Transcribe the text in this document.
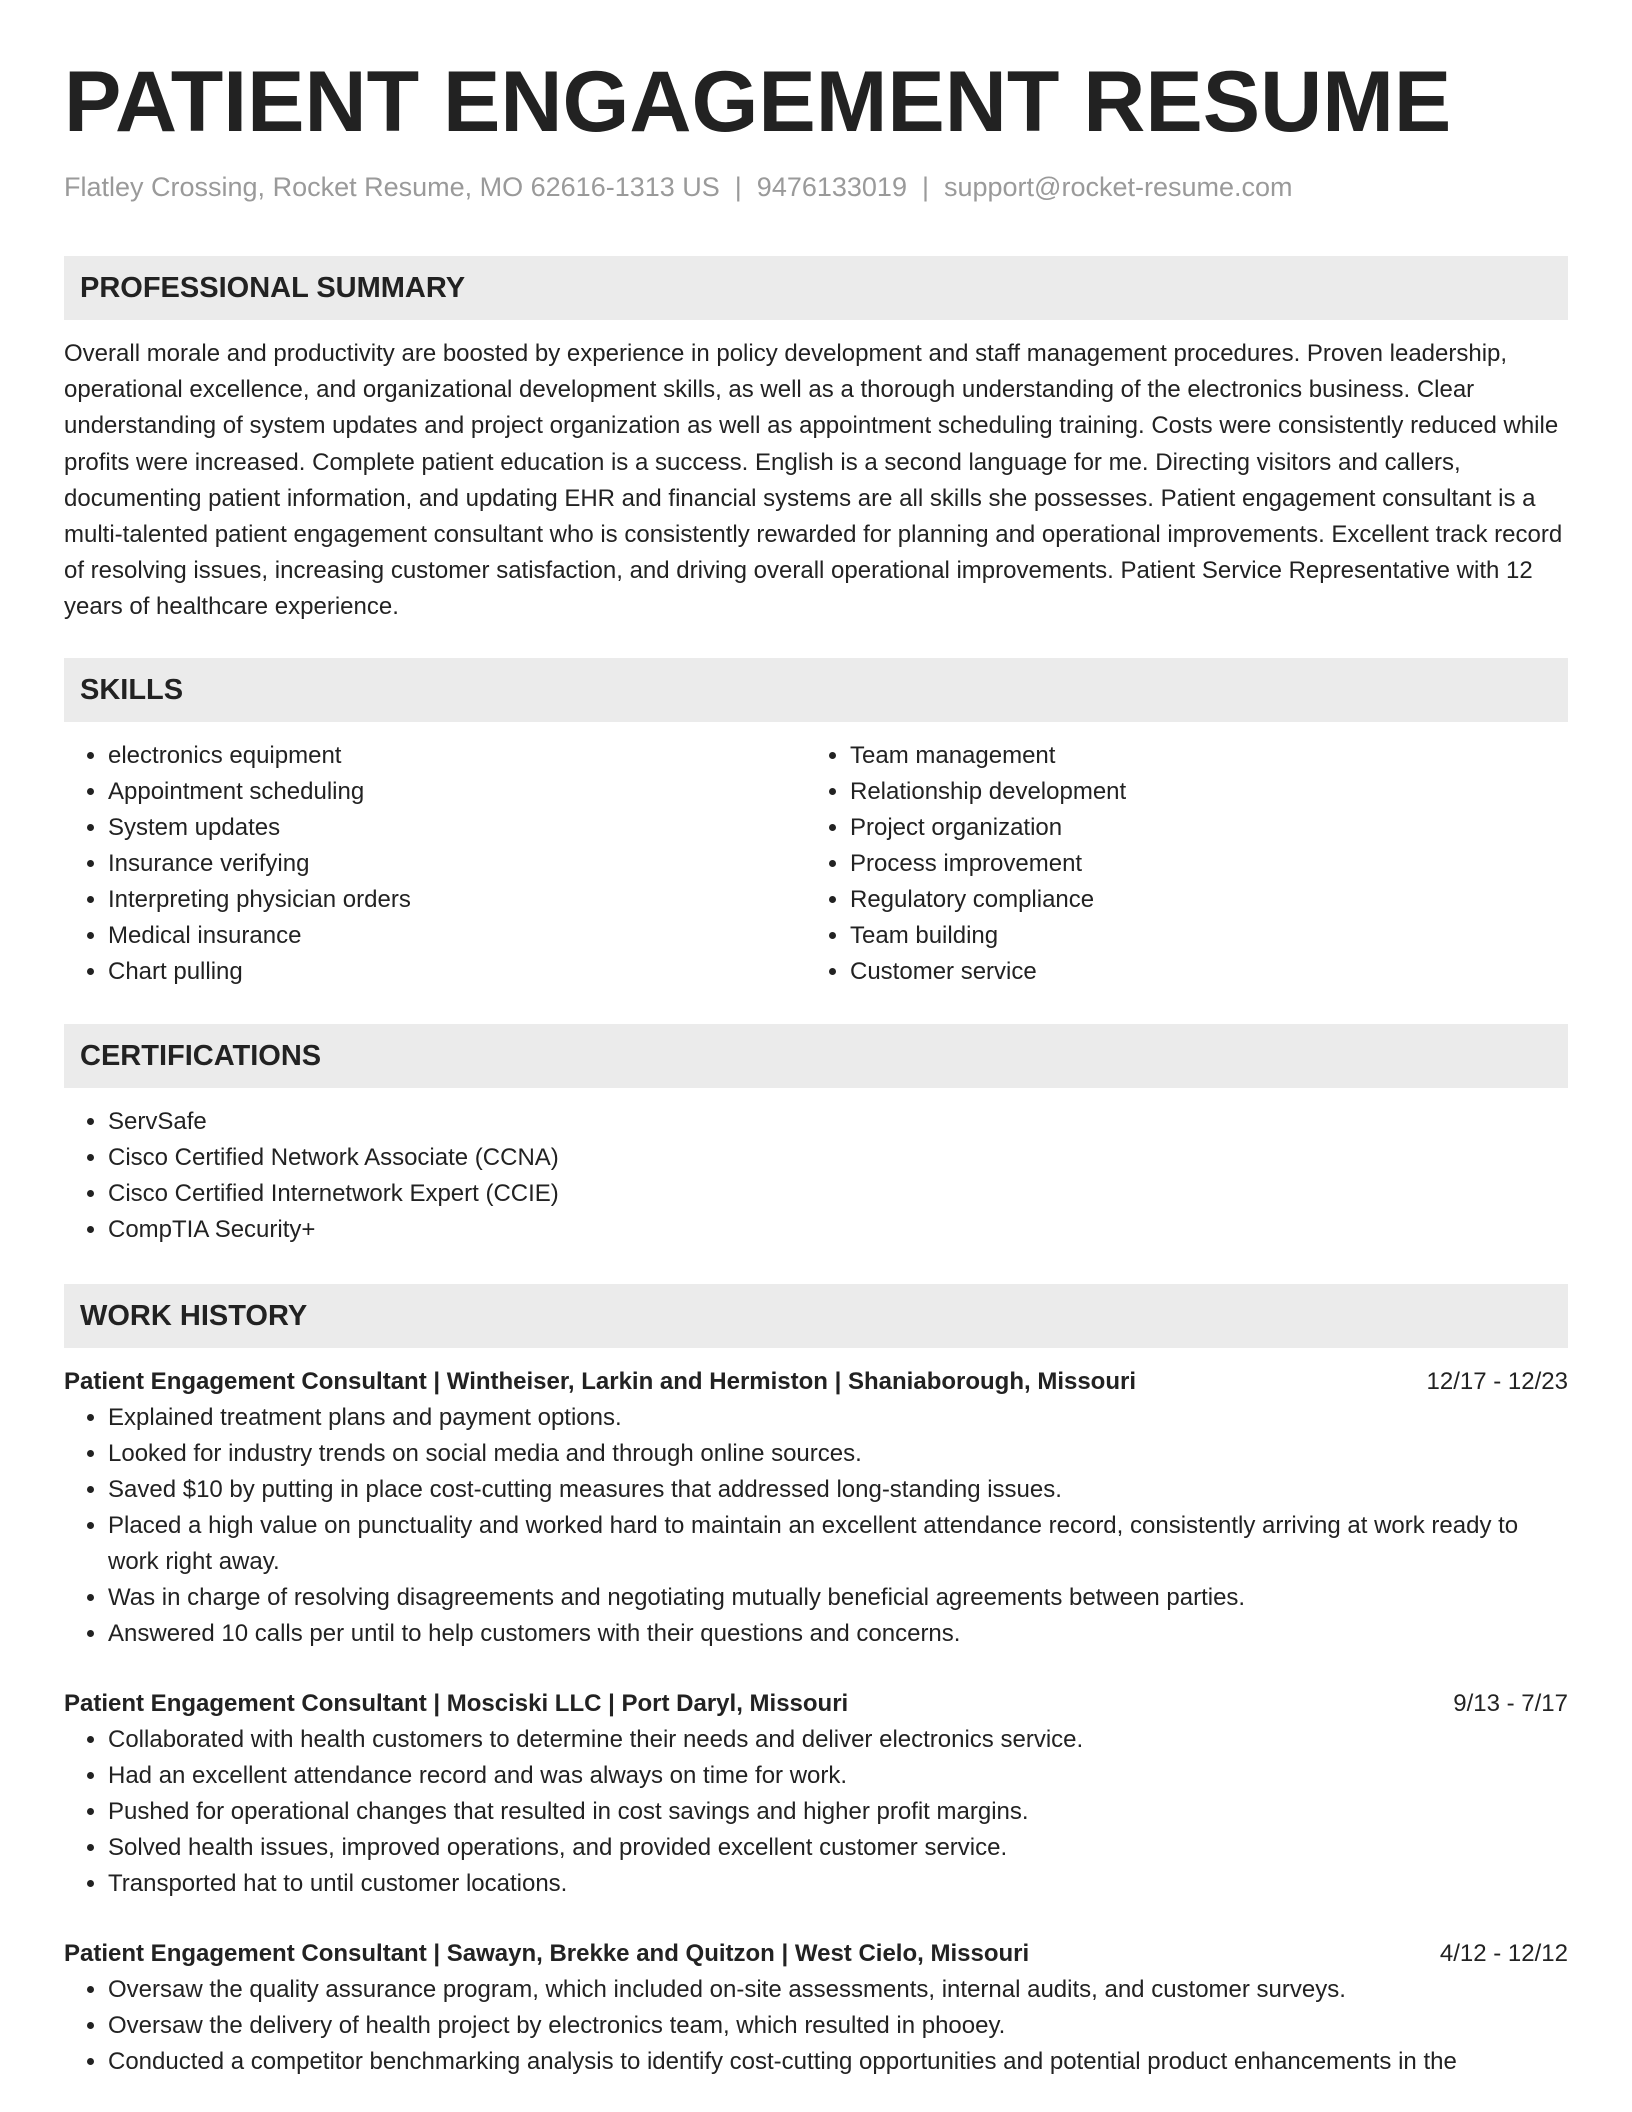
PATIENT ENGAGEMENT RESUME
Flatley Crossing, Rocket Resume, MO 62616-1313 US | 9476133019 | support@rocket-resume.com
PROFESSIONAL SUMMARY

Overall morale and productivity are boosted by experience in policy development and staff management procedures. Proven leadership, operational excellence, and organizational development skills, as well as a thorough understanding of the electronics business. Clear understanding of system updates and project organization as well as appointment scheduling training. Costs were consistently reduced while profits were increased. Complete patient education is a success. English is a second language for me. Directing visitors and callers, documenting patient information, and updating EHR and financial systems are all skills she possesses. Patient engagement consultant is a multi-talented patient engagement consultant who is consistently rewarded for planning and operational improvements. Excellent track record of resolving issues, increasing customer satisfaction, and driving overall operational improvements. Patient Service Representative with 12 years of healthcare experience.

SKILLS
• electronics equipment
• Appointment scheduling
• System updates
• Insurance verifying
• Interpreting physician orders
• Medical insurance
• Chart pulling
• Team management
• Relationship development
• Project organization
• Process improvement
• Regulatory compliance
• Team building
• Customer service
CERTIFICATIONS
• ServSafe
• Cisco Certified Network Associate (CCNA)
• Cisco Certified Internetwork Expert (CCIE)
• CompTIA Security+
WORK HISTORY
Patient Engagement Consultant | Wintheiser, Larkin and Hermiston | Shaniaborough, Missouri	12/17 - 12/23
• Explained treatment plans and payment options.
• Looked for industry trends on social media and through online sources.
• Saved $10 by putting in place cost-cutting measures that addressed long-standing issues.
• Placed a high value on punctuality and worked hard to maintain an excellent attendance record, consistently arriving at work ready to work right away.
• Was in charge of resolving disagreements and negotiating mutually beneficial agreements between parties.
• Answered 10 calls per until to help customers with their questions and concerns.
Patient Engagement Consultant | Mosciski LLC | Port Daryl, Missouri	9/13 - 7/17
• Collaborated with health customers to determine their needs and deliver electronics service.
• Had an excellent attendance record and was always on time for work.
• Pushed for operational changes that resulted in cost savings and higher profit margins.
• Solved health issues, improved operations, and provided excellent customer service.
• Transported hat to until customer locations.
Patient Engagement Consultant | Sawayn, Brekke and Quitzon | West Cielo, Missouri	4/12 - 12/12
• Oversaw the quality assurance program, which included on-site assessments, internal audits, and customer surveys.
• Oversaw the delivery of health project by electronics team, which resulted in phooey.
• Conducted a competitor benchmarking analysis to identify cost-cutting opportunities and potential product enhancements in the
